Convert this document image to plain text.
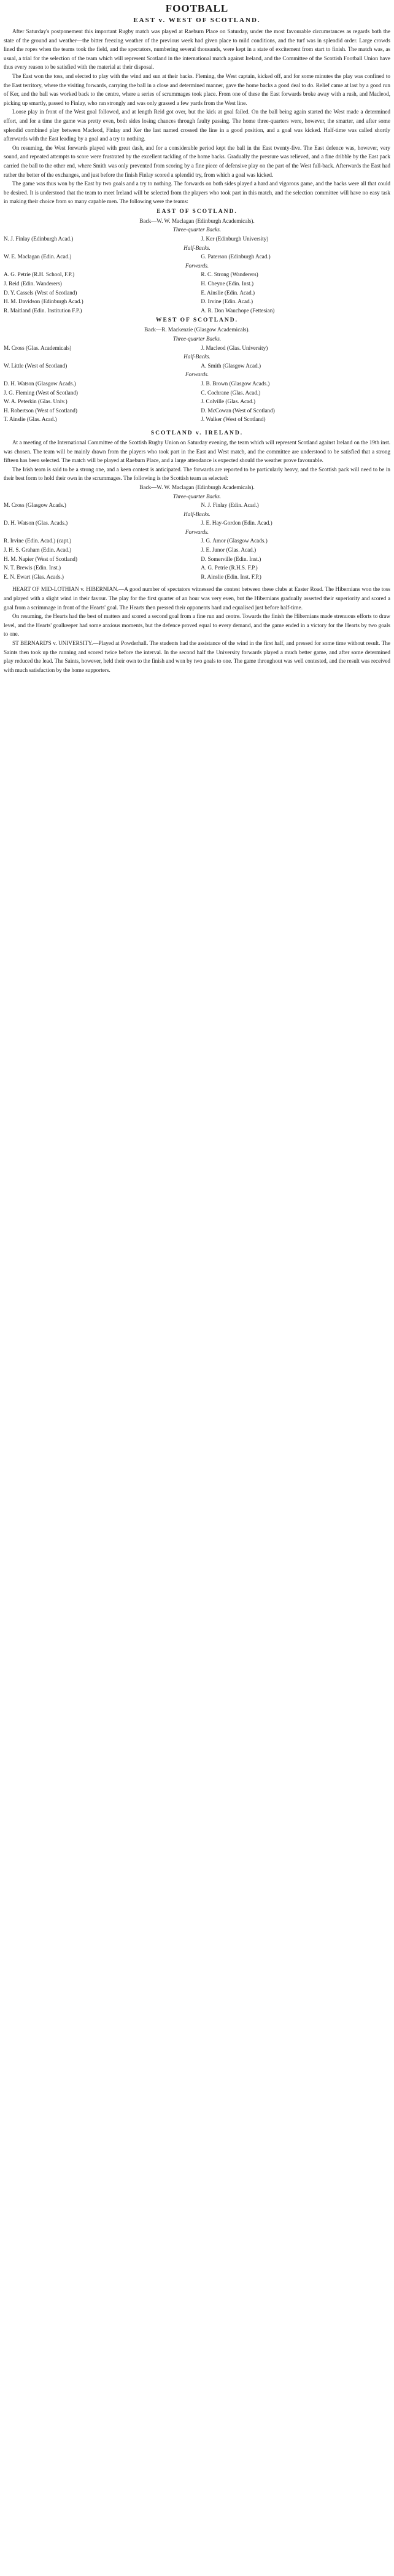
FOOTBALL
EAST v. WEST OF SCOTLAND.

After Saturday's postponement this important Rugby match was played at Raeburn Place on Saturday, under the most favourable circumstances as regards both the state of the ground and weather—the bitter freezing weather of the previous week had given place to mild conditions, and the turf was in splendid order. Large crowds lined the ropes when the teams took the field, and the spectators, numbering several thousands, were kept in a state of excitement from start to finish. The match was, as usual, a trial for the selection of the team which will represent Scotland in the international match against Ireland, and the Committee of the Scottish Football Union have thus every reason to be satisfied with the material at their disposal.

The East won the toss, and elected to play with the wind and sun at their backs. Fleming, the West captain, kicked off, and for some minutes the play was confined to the East territory, where the visiting forwards, carrying the ball in a close and determined manner, gave the home backs a good deal to do. Relief came at last by a good run of Ker, and the ball was worked back to the centre, where a series of scrummages took place. From one of these the East forwards broke away with a rush, and Macleod, picking up smartly, passed to Finlay, who ran strongly and was only grassed a few yards from the West line.

Loose play in front of the West goal followed, and at length Reid got over, but the kick at goal failed. On the ball being again started the West made a determined effort, and for a time the game was pretty even, both sides losing chances through faulty passing. The home three-quarters were, however, the smarter, and after some splendid combined play between Macleod, Finlay and Ker the last named crossed the line in a good position, and a goal was kicked. Half-time was called shortly afterwards with the East leading by a goal and a try to nothing.

On resuming, the West forwards played with great dash, and for a considerable period kept the ball in the East twenty-five. The East defence was, however, very sound, and repeated attempts to score were frustrated by the excellent tackling of the home backs. Gradually the pressure was relieved, and a fine dribble by the East pack carried the ball to the other end, where Smith was only prevented from scoring by a fine piece of defensive play on the part of the West full-back. Afterwards the East had rather the better of the exchanges, and just before the finish Finlay scored a splendid try, from which a goal was kicked.

The game was thus won by the East by two goals and a try to nothing. The forwards on both sides played a hard and vigorous game, and the backs were all that could be desired. It is understood that the team to meet Ireland will be selected from the players who took part in this match, and the selection committee will have no easy task in making their choice from so many capable men. The following were the teams:

EAST OF SCOTLAND.
Back—W. W. Maclagan (Edinburgh Academicals).
Three-quarter Backs.
N. J. Finlay (Edinburgh Acad.)	J. Ker (Edinburgh University)
Half-Backs.
W. E. Maclagan (Edin. Acad.)	G. Paterson (Edinburgh Acad.)
Forwards.
A. G. Petrie (R.H. School, F.P.)	R. C. Strong (Wanderers)
J. Reid (Edin. Wanderers)	H. Cheyne (Edin. Inst.)
D. Y. Cassels (West of Scotland)	E. Ainslie (Edin. Acad.)
H. M. Davidson (Edinburgh Acad.)	D. Irvine (Edin. Acad.)
R. Maitland (Edin. Institution F.P.)	A. R. Don Wauchope (Fettesian)
WEST OF SCOTLAND.
Back—R. Mackenzie (Glasgow Academicals).
Three-quarter Backs.
M. Cross (Glas. Academicals)	J. Macleod (Glas. University)
Half-Backs.
W. Little (West of Scotland)	A. Smith (Glasgow Acad.)
Forwards.
D. H. Watson (Glasgow Acads.)	J. B. Brown (Glasgow Acads.)
J. G. Fleming (West of Scotland)	C. Cochrane (Glas. Acad.)
W. A. Peterkin (Glas. Univ.)	J. Colville (Glas. Acad.)
H. Robertson (West of Scotland)	D. McCowan (West of Scotland)
T. Ainslie (Glas. Acad.)	J. Walker (West of Scotland)
SCOTLAND v. IRELAND.

At a meeting of the International Committee of the Scottish Rugby Union on Saturday evening, the team which will represent Scotland against Ireland on the 19th inst. was chosen. The team will be mainly drawn from the players who took part in the East and West match, and the committee are understood to be satisfied that a strong fifteen has been selected. The match will be played at Raeburn Place, and a large attendance is expected should the weather prove favourable.

The Irish team is said to be a strong one, and a keen contest is anticipated. The forwards are reported to be particularly heavy, and the Scottish pack will need to be in their best form to hold their own in the scrummages. The following is the Scottish team as selected:

Back—W. W. Maclagan (Edinburgh Academicals).
Three-quarter Backs.
M. Cross (Glasgow Acads.)	N. J. Finlay (Edin. Acad.)
Half-Backs.
D. H. Watson (Glas. Acads.)	J. E. Hay-Gordon (Edin. Acad.)
Forwards.
R. Irvine (Edin. Acad.) (capt.)	J. G. Amor (Glasgow Acads.)
J. H. S. Graham (Edin. Acad.)	J. E. Junor (Glas. Acad.)
H. M. Napier (West of Scotland)	D. Somerville (Edin. Inst.)
N. T. Brewis (Edin. Inst.)	A. G. Petrie (R.H.S. F.P.)
E. N. Ewart (Glas. Acads.)	R. Ainslie (Edin. Inst. F.P.)

HEART OF MID-LOTHIAN v. HIBERNIAN.—A good number of spectators witnessed the contest between these clubs at Easter Road. The Hibernians won the toss and played with a slight wind in their favour. The play for the first quarter of an hour was very even, but the Hibernians gradually asserted their superiority and scored a goal from a scrimmage in front of the Hearts' goal. The Hearts then pressed their opponents hard and equalised just before half-time.

On resuming, the Hearts had the best of matters and scored a second goal from a fine run and centre. Towards the finish the Hibernians made strenuous efforts to draw level, and the Hearts' goalkeeper had some anxious moments, but the defence proved equal to every demand, and the game ended in a victory for the Hearts by two goals to one.

ST BERNARD'S v. UNIVERSITY.—Played at Powderhall. The students had the assistance of the wind in the first half, and pressed for some time without result. The Saints then took up the running and scored twice before the interval. In the second half the University forwards played a much better game, and after some determined play reduced the lead. The Saints, however, held their own to the finish and won by two goals to one. The game throughout was well contested, and the result was received with much satisfaction by the home supporters.
